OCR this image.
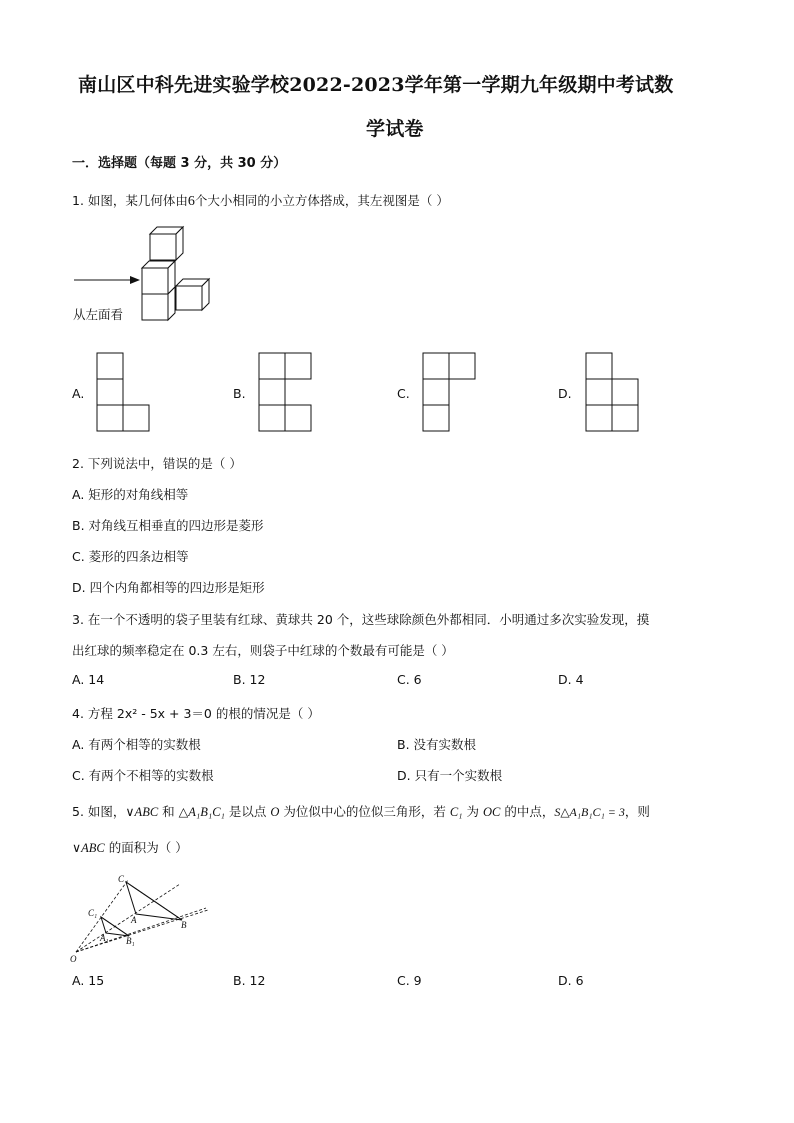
南山区中科先进实验学校2022-2023学年第一学期九年级期中考试数
学试卷
一．选择题（每题 3 分，共 30 分）
1. 如图，某几何体由6个大小相同的小立方体搭成，其左视图是（ ）
从左面看
A.	B.	C.	D.
2. 下列说法中，错误的是（ ）
A. 矩形的对角线相等
B. 对角线互相垂直的四边形是菱形
C. 菱形的四条边相等
D. 四个内角都相等的四边形是矩形
3. 在一个不透明的袋子里装有红球、黄球共 20 个，这些球除颜色外都相同．小明通过多次实验发现，摸
出红球的频率稳定在 0.3 左右，则袋子中红球的个数最有可能是（ ）
A. 14	B. 12	C. 6	D. 4
4. 方程 2x² - 5x + 3＝0 的根的情况是（ ）
A. 有两个相等的实数根	B. 没有实数根
C. 有两个不相等的实数根	D. 只有一个实数根
5. 如图，∨ABC 和 △A₁B₁C₁ 是以点 O 为位似中心的位似三角形，若 C₁ 为 OC 的中点，S△A₁B₁C₁ = 3，则
∨ABC 的面积为（ ）
C
C₁
A
A₁
B
B₁
O
A. 15	B. 12	C. 9	D. 6
